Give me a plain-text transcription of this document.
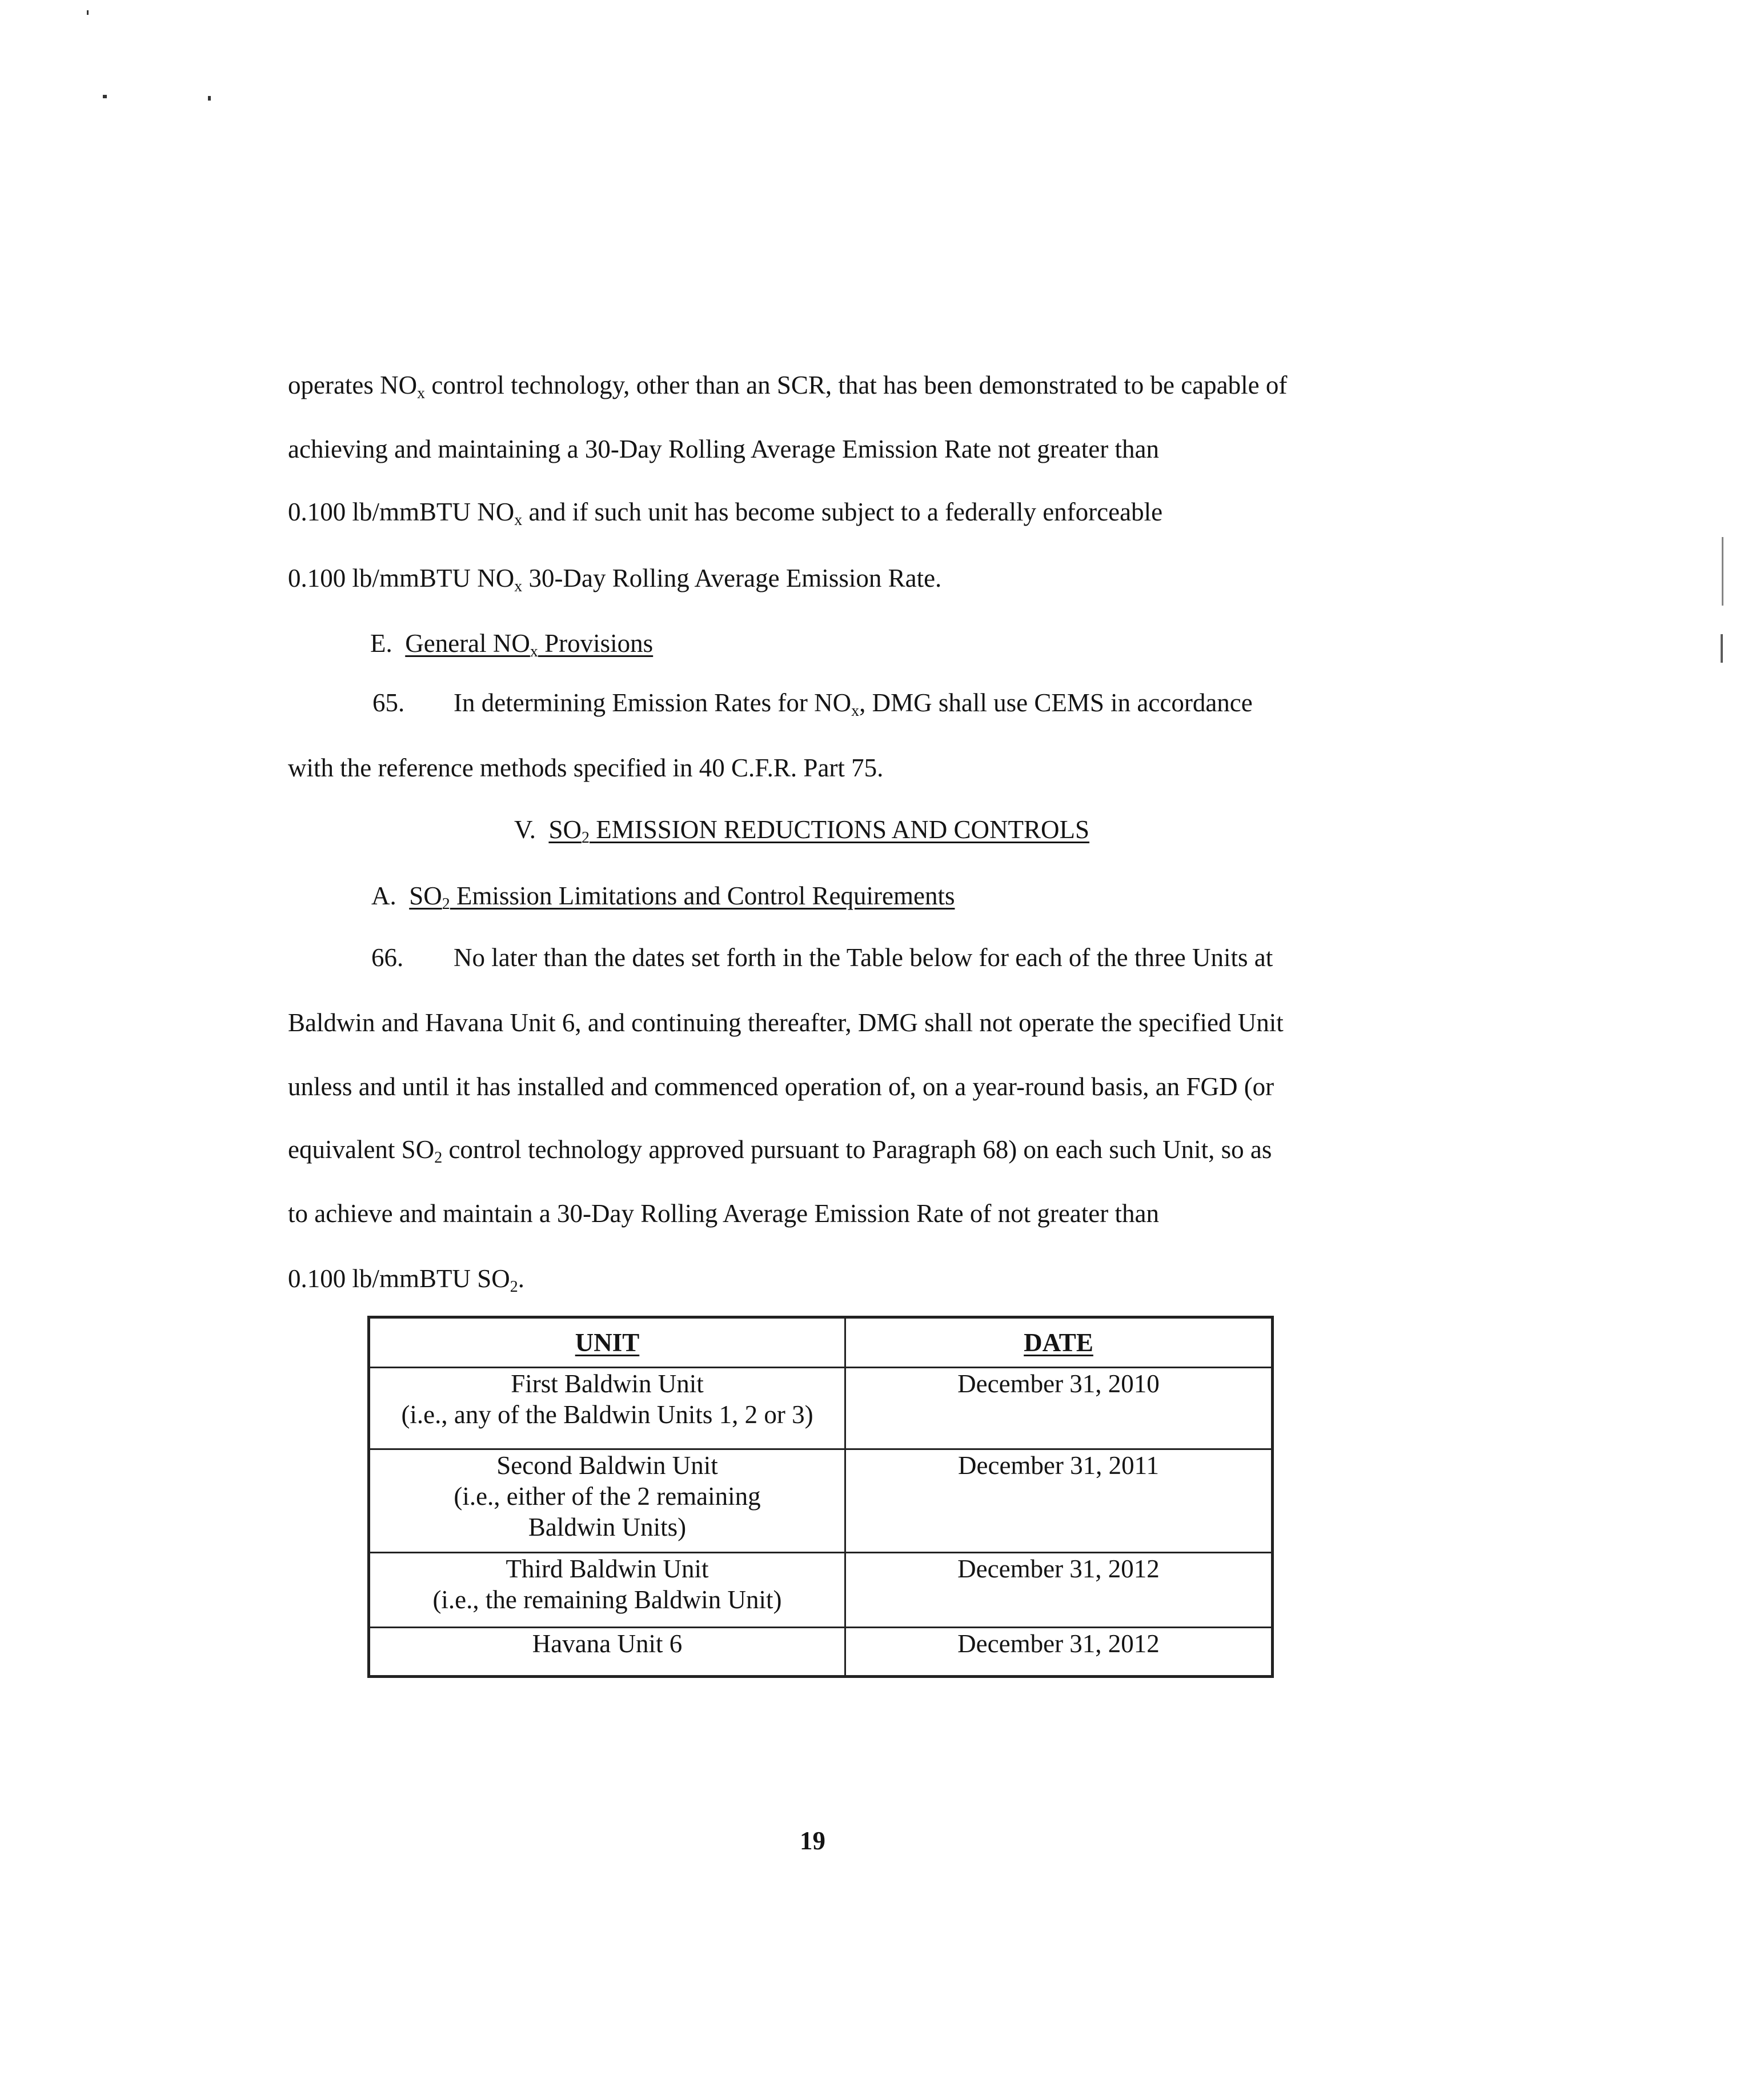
operates $NO_x$ control technology, other than an SCR, that has been demonstrated to be capable of
achieving and maintaining a 30-Day Rolling Average Emission Rate not greater than
0.100 lb/mmBTU $NO_x$ and if such unit has become subject to a federally enforceable
0.100 lb/mmBTU $NO_x$ 30-Day Rolling Average Emission Rate.
E. General $NO_x$ Provisions
65. In determining Emission Rates for $NO_x$, DMG shall use CEMS in accordance
with the reference methods specified in 40 C.F.R. Part 75.
V. $SO_2$ EMISSION REDUCTIONS AND CONTROLS
A. $SO_2$ Emission Limitations and Control Requirements
66. No later than the dates set forth in the Table below for each of the three Units at
Baldwin and Havana Unit 6, and continuing thereafter, DMG shall not operate the specified Unit
unless and until it has installed and commenced operation of, on a year-round basis, an FGD (or
equivalent $SO_2$ control technology approved pursuant to Paragraph 68) on each such Unit, so as
to achieve and maintain a 30-Day Rolling Average Emission Rate of not greater than
0.100 lb/mmBTU $SO_2$.
UNIT	DATE

First Baldwin Unit
(i.e., any of the Baldwin Units 1, 2 or 3)	December 31, 2010

Second Baldwin Unit
(i.e., either of the 2 remaining
Baldwin Units)	December 31, 2011

Third Baldwin Unit
(i.e., the remaining Baldwin Unit)	December 31, 2012

Havana Unit 6	December 31, 2012
19
